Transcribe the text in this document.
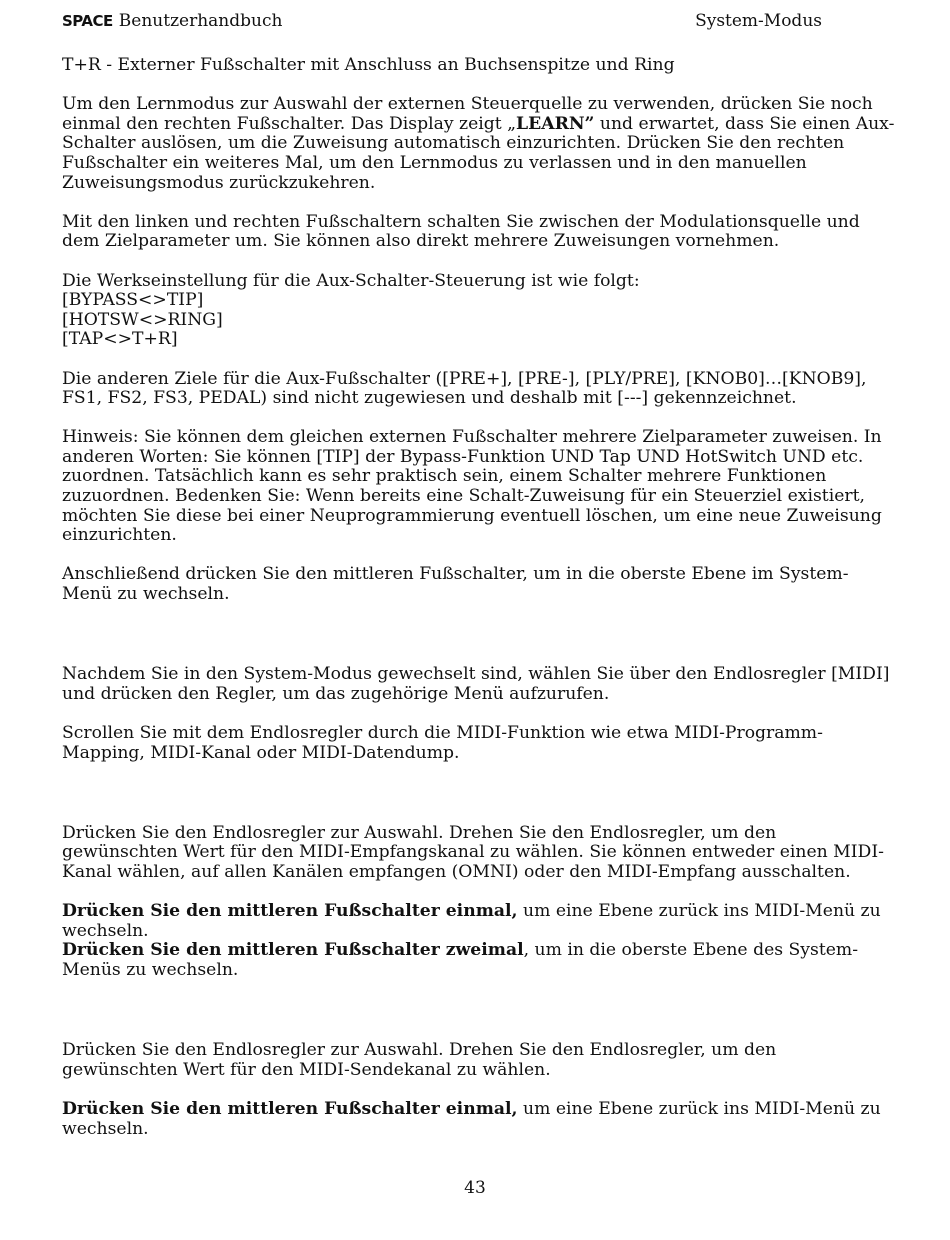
SPACE Benutzerhandbuch	System-Modus

T+R - Externer Fußschalter mit Anschluss an Buchsenspitze und Ring

Um den Lernmodus zur Auswahl der externen Steuerquelle zu verwenden, drücken Sie noch einmal den rechten Fußschalter. Das Display zeigt „LEARN” und erwartet, dass Sie einen Aux-Schalter auslösen, um die Zuweisung automatisch einzurichten. Drücken Sie den rechten Fußschalter ein weiteres Mal, um den Lernmodus zu verlassen und in den manuellen Zuweisungsmodus zurückzukehren.

Mit den linken und rechten Fußschaltern schalten Sie zwischen der Modulationsquelle und dem Zielparameter um. Sie können also direkt mehrere Zuweisungen vornehmen.

Die Werkseinstellung für die Aux-Schalter-Steuerung ist wie folgt:

[BYPASS<>TIP]

[HOTSW<>RING]

[TAP<>T+R]

Die anderen Ziele für die Aux-Fußschalter ([PRE+], [PRE-], [PLY/PRE], [KNOB0]…[KNOB9], FS1, FS2, FS3, PEDAL) sind nicht zugewiesen und deshalb mit [---] gekennzeichnet.

Hinweis: Sie können dem gleichen externen Fußschalter mehrere Zielparameter zuweisen. In anderen Worten: Sie können [TIP] der Bypass-Funktion UND Tap UND HotSwitch UND etc. zuordnen. Tatsächlich kann es sehr praktisch sein, einem Schalter mehrere Funktionen zuzuordnen. Bedenken Sie: Wenn bereits eine Schalt-Zuweisung für ein Steuerziel existiert, möchten Sie diese bei einer Neuprogrammierung eventuell löschen, um eine neue Zuweisung einzurichten.

Anschließend drücken Sie den mittleren Fußschalter, um in die oberste Ebene im System-Menü zu wechseln.

Nachdem Sie in den System-Modus gewechselt sind, wählen Sie über den Endlosregler [MIDI] und drücken den Regler, um das zugehörige Menü aufzurufen.

Scrollen Sie mit dem Endlosregler durch die MIDI-Funktion wie etwa MIDI-Programm-Mapping, MIDI-Kanal oder MIDI-Datendump.

Drücken Sie den Endlosregler zur Auswahl. Drehen Sie den Endlosregler, um den gewünschten Wert für den MIDI-Empfangskanal zu wählen. Sie können entweder einen MIDI-Kanal wählen, auf allen Kanälen empfangen (OMNI) oder den MIDI-Empfang ausschalten.

Drücken Sie den mittleren Fußschalter einmal, um eine Ebene zurück ins MIDI-Menü zu wechseln.

Drücken Sie den mittleren Fußschalter zweimal, um in die oberste Ebene des System-Menüs zu wechseln.

Drücken Sie den Endlosregler zur Auswahl. Drehen Sie den Endlosregler, um den gewünschten Wert für den MIDI-Sendekanal zu wählen.

Drücken Sie den mittleren Fußschalter einmal, um eine Ebene zurück ins MIDI-Menü zu wechseln.

43
